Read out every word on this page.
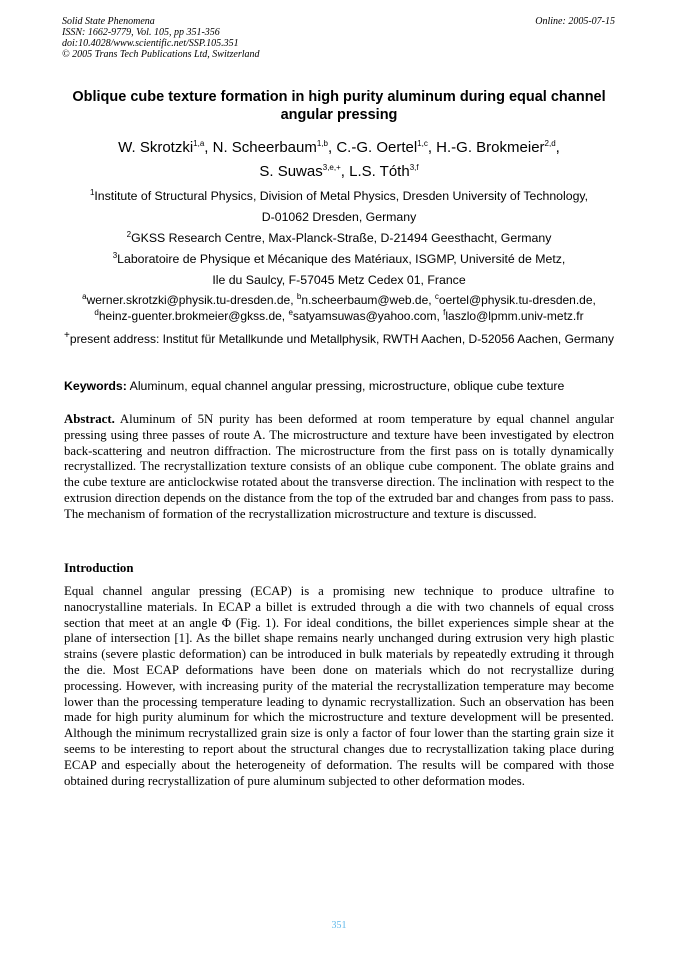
Solid State Phenomena
ISSN: 1662-9779, Vol. 105, pp 351-356
doi:10.4028/www.scientific.net/SSP.105.351
© 2005 Trans Tech Publications Ltd, Switzerland
Online: 2005-07-15
Oblique cube texture formation in high purity aluminum during equal channel angular pressing
W. Skrotzki$^{1,a}$, N. Scheerbaum$^{1,b}$, C.-G. Oertel$^{1,c}$, H.-G. Brokmeier$^{2,d}$,
S. Suwas$^{3,e,+}$, L.S. Tóth$^{3,f}$
$^1$Institute of Structural Physics, Division of Metal Physics, Dresden University of Technology,
D-01062 Dresden, Germany
$^2$GKSS Research Centre, Max-Planck-Straße, D-21494 Geesthacht, Germany
$^3$Laboratoire de Physique et Mécanique des Matériaux, ISGMP, Université de Metz,
Ile du Saulcy, F-57045 Metz Cedex 01, France
$^a$werner.skrotzki@physik.tu-dresden.de, $^b$n.scheerbaum@web.de, $^c$oertel@physik.tu-dresden.de,
$^d$heinz-guenter.brokmeier@gkss.de, $^e$satyamsuwas@yahoo.com, $^f$laszlo@lpmm.univ-metz.fr
+present address: Institut für Metallkunde und Metallphysik, RWTH Aachen, D-52056 Aachen, Germany
Keywords: Aluminum, equal channel angular pressing, microstructure, oblique cube texture
Abstract. Aluminum of 5N purity has been deformed at room temperature by equal channel angular pressing using three passes of route A. The microstructure and texture have been investigated by electron back-scattering and neutron diffraction. The microstructure from the first pass on is totally dynamically recrystallized. The recrystallization texture consists of an oblique cube component. The oblate grains and the cube texture are anticlockwise rotated about the transverse direction. The inclination with respect to the extrusion direction depends on the distance from the top of the extruded bar and changes from pass to pass. The mechanism of formation of the recrystallization microstructure and texture is discussed.
Introduction
Equal channel angular pressing (ECAP) is a promising new technique to produce ultrafine to nanocrystalline materials. In ECAP a billet is extruded through a die with two channels of equal cross section that meet at an angle Φ (Fig. 1). For ideal conditions, the billet experiences simple shear at the plane of intersection [1]. As the billet shape remains nearly unchanged during extrusion very high plastic strains (severe plastic deformation) can be introduced in bulk materials by repeatedly extruding it through the die. Most ECAP deformations have been done on materials which do not recrystallize during processing. However, with increasing purity of the material the recrystallization temperature may become lower than the processing temperature leading to dynamic recrystallization. Such an observation has been made for high purity aluminum for which the microstructure and texture development will be presented. Although the minimum recrystallized grain size is only a factor of four lower than the starting grain size it seems to be interesting to report about the structural changes due to recrystallization taking place during ECAP and especially about the heterogeneity of deformation. The results will be compared with those obtained during recrystallization of pure aluminum subjected to other deformation modes.
351
